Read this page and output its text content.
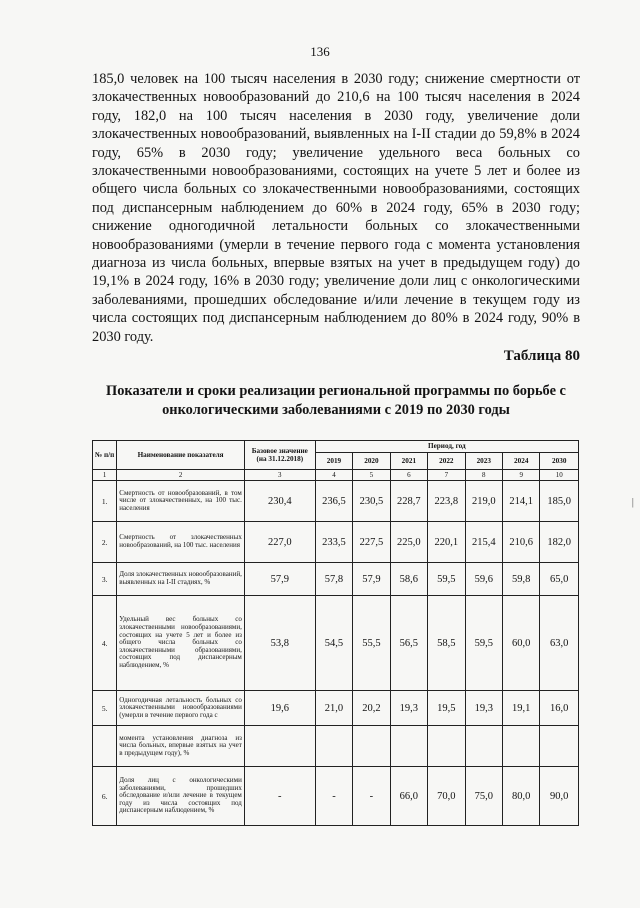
136

185,0 человек на 100 тысяч населения в 2030 году; снижение смертности от злокачественных новообразований до 210,6 на 100 тысяч населения в 2024 году, 182,0 на 100 тысяч населения в 2030 году, увеличение доли злокачественных новообразований, выявленных на I-II стадии до 59,8% в 2024 году, 65% в 2030 году; увеличение удельного веса больных со злокачественными новообразованиями, состоящих на учете 5 лет и более из общего числа больных со злокачественными новообразованиями, состоящих под диспансерным наблюдением до 60% в 2024 году, 65% в 2030 году; снижение одногодичной летальности больных со злокачественными новообразованиями (умерли в течение первого года с момента установления диагноза из числа больных, впервые взятых на учет в предыдущем году) до 19,1% в 2024 году, 16% в 2030 году; увеличение доли лиц с онкологическими заболеваниями, прошедших обследование и/или лечение в текущем году из числа состоящих под диспансерным наблюдением до 80% в 2024 году, 90% в 2030 году.

Таблица 80
Показатели и сроки реализации региональной программы по борьбе с онкологическими заболеваниями с 2019 по 2030 годы
|
№ п/п	Наименование показателя	Базовое значение (на 31.12.2018)	Период, год						
			2019	2020	2021	2022	2023	2024	2030
1	2	3	4	5	6	7	8	9	10
1.	Смертность от новообразований, в том числе от злокачественных, на 100 тыс. населения	230,4	236,5	230,5	228,7	223,8	219,0	214,1	185,0
2.	Смертность от злокачественных новообразований, на 100 тыс. населения	227,0	233,5	227,5	225,0	220,1	215,4	210,6	182,0
3.	Доля злокачественных новообразований, выявленных на I-II стадиях, %	57,9	57,8	57,9	58,6	59,5	59,6	59,8	65,0
4.	Удельный вес больных со злокачественными новообразованиями, состоящих на учете 5 лет и более из общего числа больных со злокачественными образованиями, состоящих под диспансерным наблюдением, %	53,8	54,5	55,5	56,5	58,5	59,5	60,0	63,0
5.	Одногодичная летальность больных со злокачественными новообразованиями (умерли в течение первого года с	19,6	21,0	20,2	19,3	19,5	19,3	19,1	16,0
	момента установления диагноза из числа больных, впервые взятых на учет в предыдущем году), %								
6.	Доля лиц с онкологическими заболеваниями, прошедших обследование и/или лечение в текущем году из числа состоящих под диспансерным наблюдением, %	-	-	-	66,0	70,0	75,0	80,0	90,0
